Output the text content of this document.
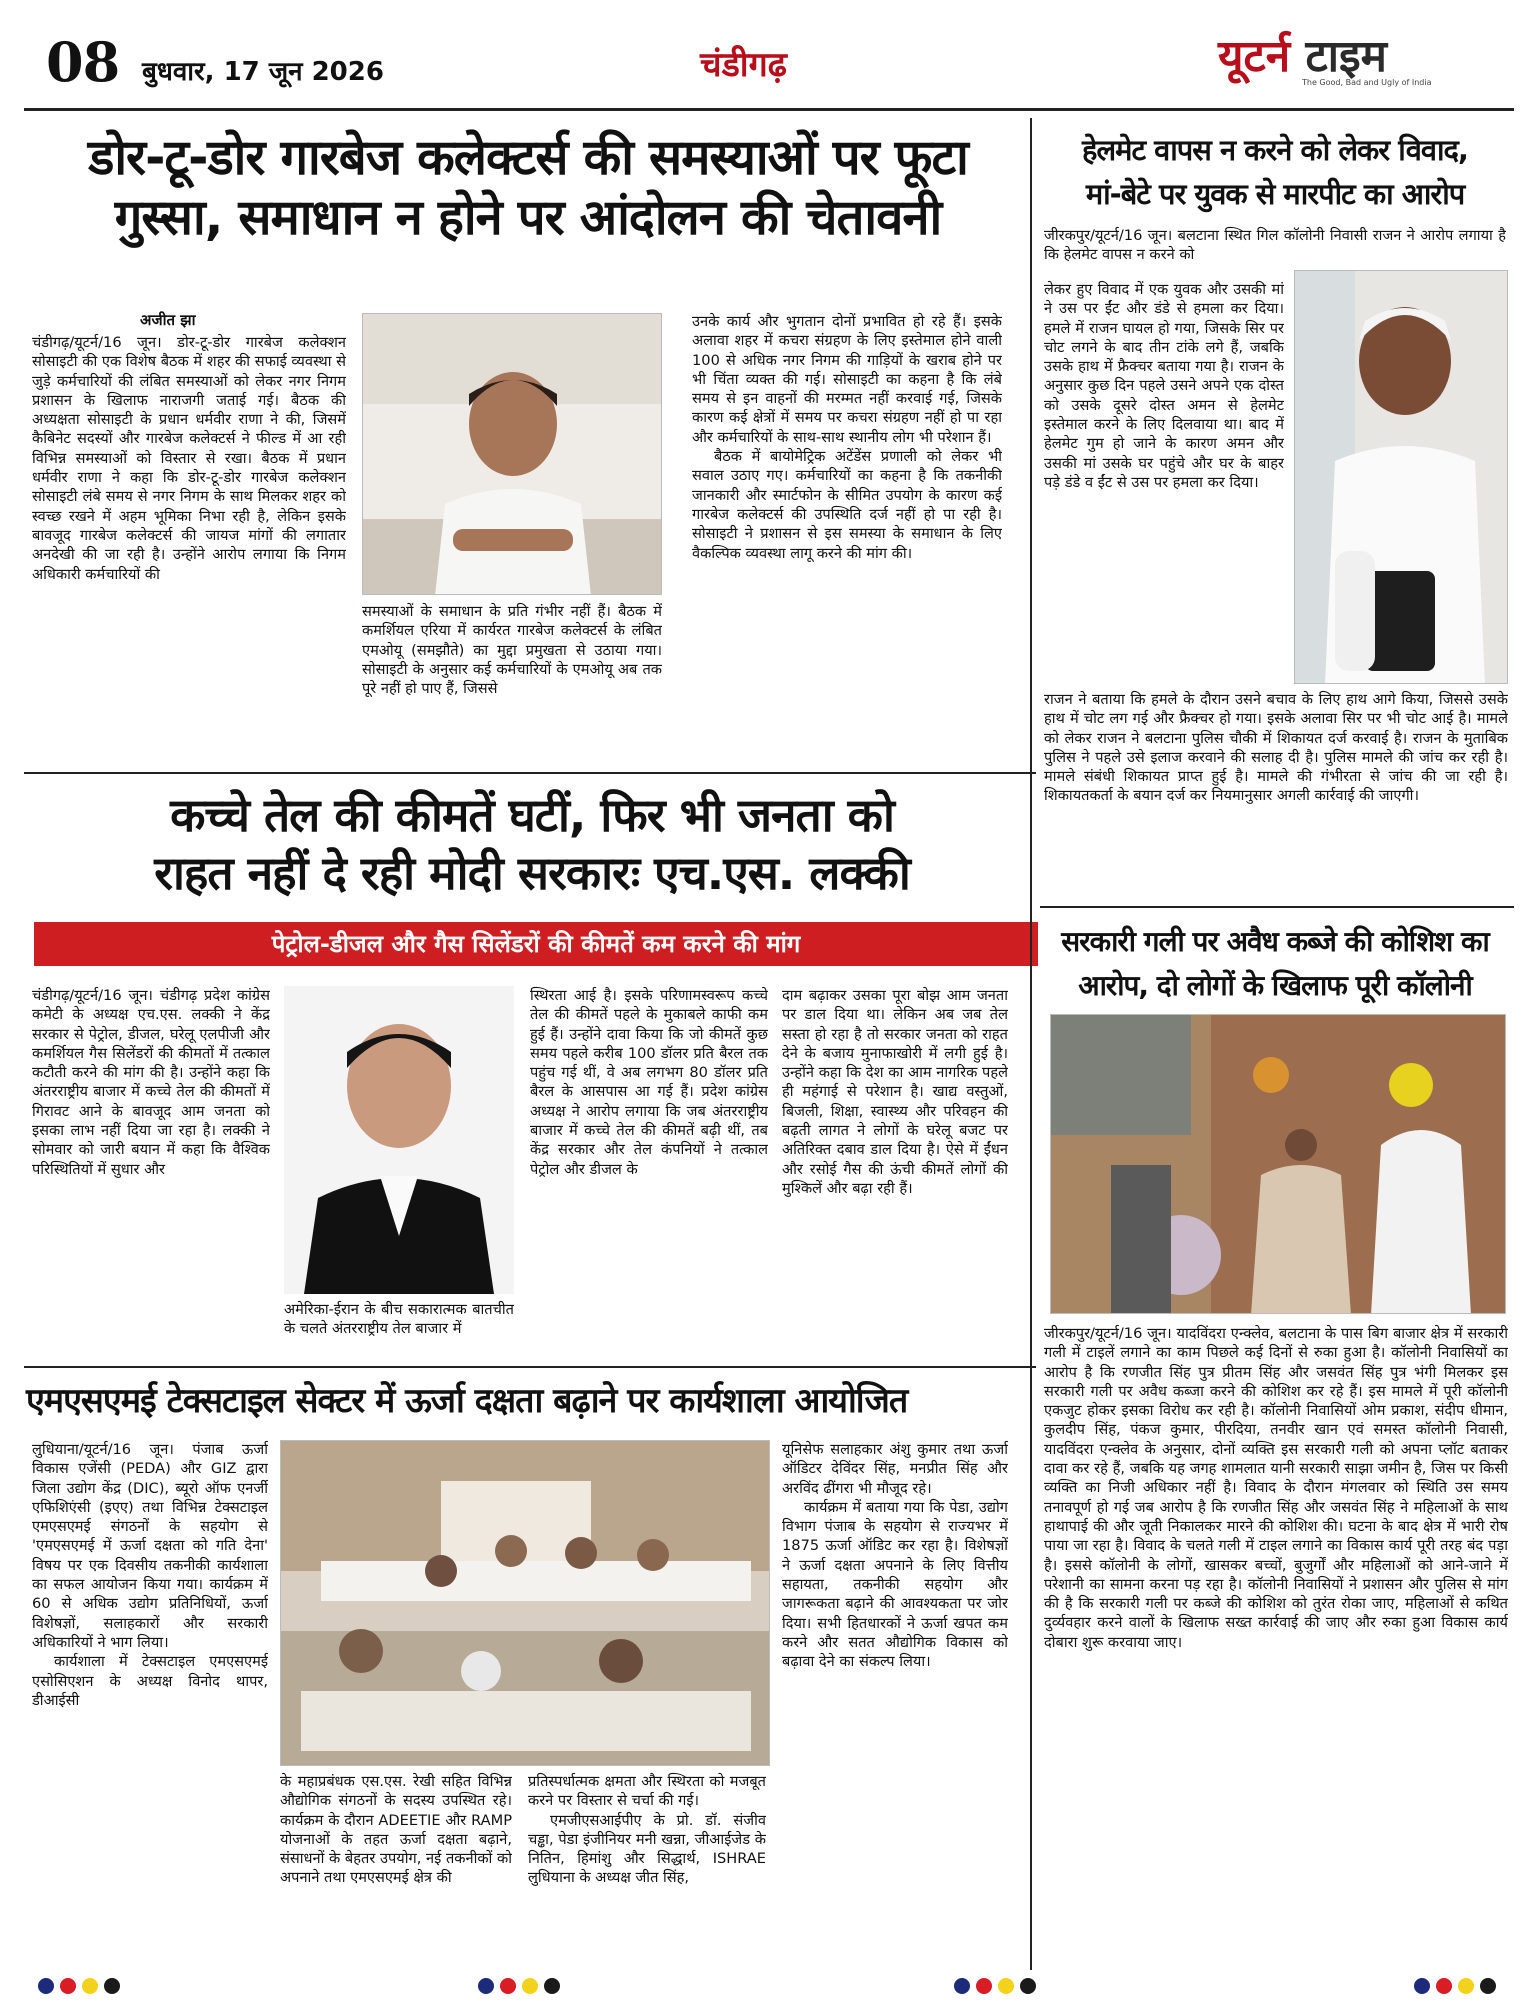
08 बुधवार, 17 जून 2026	चंडीगढ़	यूटर्न टाइम
The Good, Bad and Ugly of India
डोर-टू-डोर गारबेज कलेक्टर्स की समस्याओं पर फूटा
गुस्सा, समाधान न होने पर आंदोलन की चेतावनी
अजीत झा

चंडीगढ़/यूटर्न/16 जून। डोर-टू-डोर गारबेज कलेक्शन सोसाइटी की एक विशेष बैठक में शहर की सफाई व्यवस्था से जुड़े कर्मचारियों की लंबित समस्याओं को लेकर नगर निगम प्रशासन के खिलाफ नाराजगी जताई गई। बैठक की अध्यक्षता सोसाइटी के प्रधान धर्मवीर राणा ने की, जिसमें कैबिनेट सदस्यों और गारबेज कलेक्टर्स ने फील्ड में आ रही विभिन्न समस्याओं को विस्तार से रखा। बैठक में प्रधान धर्मवीर राणा ने कहा कि डोर-टू-डोर गारबेज कलेक्शन सोसाइटी लंबे समय से नगर निगम के साथ मिलकर शहर को स्वच्छ रखने में अहम भूमिका निभा रही है, लेकिन इसके बावजूद गारबेज कलेक्टर्स की जायज मांगों की लगातार अनदेखी की जा रही है। उन्होंने आरोप लगाया कि निगम अधिकारी कर्मचारियों की

समस्याओं के समाधान के प्रति गंभीर नहीं हैं। बैठक में कमर्शियल एरिया में कार्यरत गारबेज कलेक्टर्स के लंबित एमओयू (समझौते) का मुद्दा प्रमुखता से उठाया गया। सोसाइटी के अनुसार कई कर्मचारियों के एमओयू अब तक पूरे नहीं हो पाए हैं, जिससे

उनके कार्य और भुगतान दोनों प्रभावित हो रहे हैं। इसके अलावा शहर में कचरा संग्रहण के लिए इस्तेमाल होने वाली 100 से अधिक नगर निगम की गाड़ियों के खराब होने पर भी चिंता व्यक्त की गई। सोसाइटी का कहना है कि लंबे समय से इन वाहनों की मरम्मत नहीं करवाई गई, जिसके कारण कई क्षेत्रों में समय पर कचरा संग्रहण नहीं हो पा रहा और कर्मचारियों के साथ-साथ स्थानीय लोग भी परेशान हैं।

बैठक में बायोमेट्रिक अटेंडेंस प्रणाली को लेकर भी सवाल उठाए गए। कर्मचारियों का कहना है कि तकनीकी जानकारी और स्मार्टफोन के सीमित उपयोग के कारण कई गारबेज कलेक्टर्स की उपस्थिति दर्ज नहीं हो पा रही है। सोसाइटी ने प्रशासन से इस समस्या के समाधान के लिए वैकल्पिक व्यवस्था लागू करने की मांग की।

कच्चे तेल की कीमतें घटीं, फिर भी जनता को
राहत नहीं दे रही मोदी सरकारः एच.एस. लक्की
पेट्रोल-डीजल और गैस सिलेंडरों की कीमतें कम करने की मांग

चंडीगढ़/यूटर्न/16 जून। चंडीगढ़ प्रदेश कांग्रेस कमेटी के अध्यक्ष एच.एस. लक्की ने केंद्र सरकार से पेट्रोल, डीजल, घरेलू एलपीजी और कमर्शियल गैस सिलेंडरों की कीमतों में तत्काल कटौती करने की मांग की है। उन्होंने कहा कि अंतरराष्ट्रीय बाजार में कच्चे तेल की कीमतों में गिरावट आने के बावजूद आम जनता को इसका लाभ नहीं दिया जा रहा है। लक्की ने सोमवार को जारी बयान में कहा कि वैश्विक परिस्थितियों में सुधार और

अमेरिका-ईरान के बीच सकारात्मक बातचीत के चलते अंतरराष्ट्रीय तेल बाजार में

स्थिरता आई है। इसके परिणामस्वरूप कच्चे तेल की कीमतें पहले के मुकाबले काफी कम हुई हैं। उन्होंने दावा किया कि जो कीमतें कुछ समय पहले करीब 100 डॉलर प्रति बैरल तक पहुंच गई थीं, वे अब लगभग 80 डॉलर प्रति बैरल के आसपास आ गई हैं। प्रदेश कांग्रेस अध्यक्ष ने आरोप लगाया कि जब अंतरराष्ट्रीय बाजार में कच्चे तेल की कीमतें बढ़ी थीं, तब केंद्र सरकार और तेल कंपनियों ने तत्काल पेट्रोल और डीजल के

दाम बढ़ाकर उसका पूरा बोझ आम जनता पर डाल दिया था। लेकिन अब जब तेल सस्ता हो रहा है तो सरकार जनता को राहत देने के बजाय मुनाफाखोरी में लगी हुई है। उन्होंने कहा कि देश का आम नागरिक पहले ही महंगाई से परेशान है। खाद्य वस्तुओं, बिजली, शिक्षा, स्वास्थ्य और परिवहन की बढ़ती लागत ने लोगों के घरेलू बजट पर अतिरिक्त दबाव डाल दिया है। ऐसे में ईंधन और रसोई गैस की ऊंची कीमतें लोगों की मुश्किलें और बढ़ा रही हैं।

एमएसएमई टेक्सटाइल सेक्टर में ऊर्जा दक्षता बढ़ाने पर कार्यशाला आयोजित

लुधियाना/यूटर्न/16 जून। पंजाब ऊर्जा विकास एजेंसी (PEDA) और GIZ द्वारा जिला उद्योग केंद्र (DIC), ब्यूरो ऑफ एनर्जी एफिशिएंसी (इएए) तथा विभिन्न टेक्सटाइल एमएसएमई संगठनों के सहयोग से 'एमएसएमई में ऊर्जा दक्षता को गति देना' विषय पर एक दिवसीय तकनीकी कार्यशाला का सफल आयोजन किया गया। कार्यक्रम में 60 से अधिक उद्योग प्रतिनिधियों, ऊर्जा विशेषज्ञों, सलाहकारों और सरकारी अधिकारियों ने भाग लिया।

कार्यशाला में टेक्सटाइल एमएसएमई एसोसिएशन के अध्यक्ष विनोद थापर, डीआईसी

के महाप्रबंधक एस.एस. रेखी सहित विभिन्न औद्योगिक संगठनों के सदस्य उपस्थित रहे। कार्यक्रम के दौरान ADEETIE और RAMP योजनाओं के तहत ऊर्जा दक्षता बढ़ाने, संसाधनों के बेहतर उपयोग, नई तकनीकों को अपनाने तथा एमएसएमई क्षेत्र की

प्रतिस्पर्धात्मक क्षमता और स्थिरता को मजबूत करने पर विस्तार से चर्चा की गई।

एमजीएसआईपीए के प्रो. डॉ. संजीव चड्ढा, पेडा इंजीनियर मनी खन्ना, जीआईजेड के नितिन, हिमांशु और सिद्धार्थ, ISHRAE लुधियाना के अध्यक्ष जीत सिंह,

यूनिसेफ सलाहकार अंशु कुमार तथा ऊर्जा ऑडिटर देविंदर सिंह, मनप्रीत सिंह और अरविंद ढींगरा भी मौजूद रहे।

कार्यक्रम में बताया गया कि पेडा, उद्योग विभाग पंजाब के सहयोग से राज्यभर में 1875 ऊर्जा ऑडिट कर रहा है। विशेषज्ञों ने ऊर्जा दक्षता अपनाने के लिए वित्तीय सहायता, तकनीकी सहयोग और जागरूकता बढ़ाने की आवश्यकता पर जोर दिया। सभी हितधारकों ने ऊर्जा खपत कम करने और सतत औद्योगिक विकास को बढ़ावा देने का संकल्प लिया।

हेलमेट वापस न करने को लेकर विवाद,
मां-बेटे पर युवक से मारपीट का आरोप

जीरकपुर/यूटर्न/16 जून। बलटाना स्थित गिल कॉलोनी निवासी राजन ने आरोप लगाया है कि हेलमेट वापस न करने को

लेकर हुए विवाद में एक युवक और उसकी मां ने उस पर ईंट और डंडे से हमला कर दिया। हमले में राजन घायल हो गया, जिसके सिर पर चोट लगने के बाद तीन टांके लगे हैं, जबकि उसके हाथ में फ्रैक्चर बताया गया है। राजन के अनुसार कुछ दिन पहले उसने अपने एक दोस्त को उसके दूसरे दोस्त अमन से हेलमेट इस्तेमाल करने के लिए दिलवाया था। बाद में हेलमेट गुम हो जाने के कारण अमन और उसकी मां उसके घर पहुंचे और घर के बाहर पड़े डंडे व ईंट से उस पर हमला कर दिया।

राजन ने बताया कि हमले के दौरान उसने बचाव के लिए हाथ आगे किया, जिससे उसके हाथ में चोट लग गई और फ्रैक्चर हो गया। इसके अलावा सिर पर भी चोट आई है। मामले को लेकर राजन ने बलटाना पुलिस चौकी में शिकायत दर्ज करवाई है। राजन के मुताबिक पुलिस ने पहले उसे इलाज करवाने की सलाह दी है। पुलिस मामले की जांच कर रही है। मामले संबंधी शिकायत प्राप्त हुई है। मामले की गंभीरता से जांच की जा रही है। शिकायतकर्ता के बयान दर्ज कर नियमानुसार अगली कार्रवाई की जाएगी।

सरकारी गली पर अवैध कब्जे की कोशिश का
आरोप, दो लोगों के खिलाफ पूरी कॉलोनी

जीरकपुर/यूटर्न/16 जून। यादविंदरा एन्क्लेव, बलटाना के पास बिग बाजार क्षेत्र में सरकारी गली में टाइलें लगाने का काम पिछले कई दिनों से रुका हुआ है। कॉलोनी निवासियों का आरोप है कि रणजीत सिंह पुत्र प्रीतम सिंह और जसवंत सिंह पुत्र भंगी मिलकर इस सरकारी गली पर अवैध कब्जा करने की कोशिश कर रहे हैं। इस मामले में पूरी कॉलोनी एकजुट होकर इसका विरोध कर रही है। कॉलोनी निवासियों ओम प्रकाश, संदीप धीमान, कुलदीप सिंह, पंकज कुमार, पीरदिया, तनवीर खान एवं समस्त कॉलोनी निवासी, यादविंदरा एन्क्लेव के अनुसार, दोनों व्यक्ति इस सरकारी गली को अपना प्लॉट बताकर दावा कर रहे हैं, जबकि यह जगह शामलात यानी सरकारी साझा जमीन है, जिस पर किसी व्यक्ति का निजी अधिकार नहीं है। विवाद के दौरान मंगलवार को स्थिति उस समय तनावपूर्ण हो गई जब आरोप है कि रणजीत सिंह और जसवंत सिंह ने महिलाओं के साथ हाथापाई की और जूती निकालकर मारने की कोशिश की। घटना के बाद क्षेत्र में भारी रोष पाया जा रहा है। विवाद के चलते गली में टाइल लगाने का विकास कार्य पूरी तरह बंद पड़ा है। इससे कॉलोनी के लोगों, खासकर बच्चों, बुजुर्गों और महिलाओं को आने-जाने में परेशानी का सामना करना पड़ रहा है। कॉलोनी निवासियों ने प्रशासन और पुलिस से मांग की है कि सरकारी गली पर कब्जे की कोशिश को तुरंत रोका जाए, महिलाओं से कथित दुर्व्यवहार करने वालों के खिलाफ सख्त कार्रवाई की जाए और रुका हुआ विकास कार्य दोबारा शुरू करवाया जाए।
